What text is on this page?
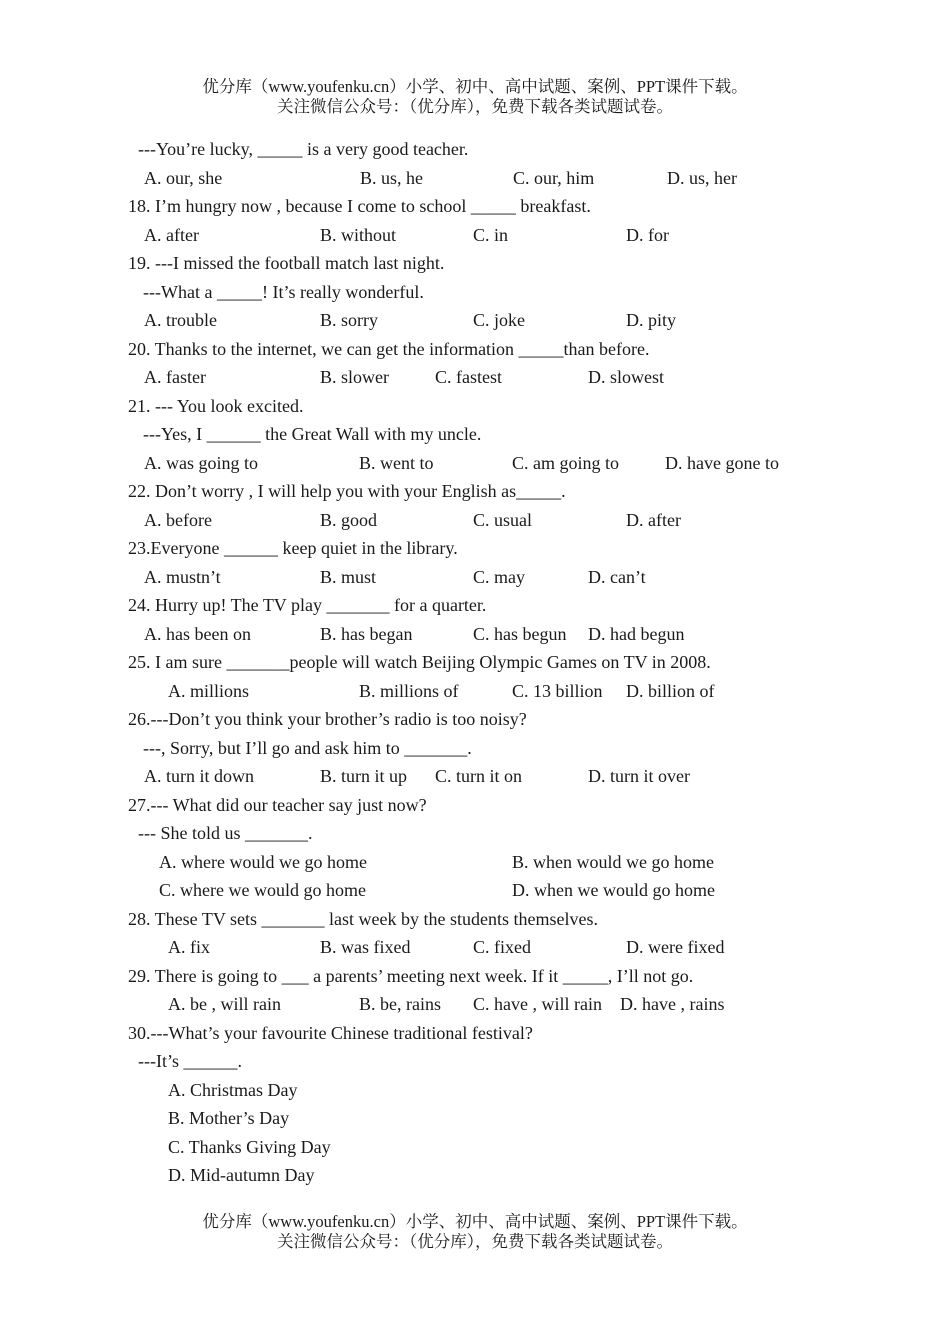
优分库（www.youfenku.cn）小学、初中、高中试题、案例、PPT课件下载。
关注微信公众号：（优分库），免费下载各类试题试卷。
---You’re lucky, _____ is a very good teacher.
A. our, she	B. us, he	C. our, him	D. us, her
18. I’m hungry now , because I come to school _____ breakfast.
A. after	B. without	C. in	D. for
19. ---I missed the football match last night.
---What a _____! It’s really wonderful.
A. trouble	B. sorry	C. joke	D. pity
20. Thanks to the internet, we can get the information _____than before.
A. faster	B. slower	C. fastest	D. slowest
21. --- You look excited.
---Yes, I ______ the Great Wall with my uncle.
A. was going to	B. went to	C. am going to	D. have gone to
22. Don’t worry , I will help you with your English as_____.
A. before	B. good	C. usual	D. after
23.Everyone ______ keep quiet in the library.
A. mustn’t	B. must	C. may	D. can’t
24. Hurry up! The TV play _______ for a quarter.
A. has been on	B. has began	C. has begun D. had begun
25. I am sure _______people will watch Beijing Olympic Games on TV in 2008.
A. millions	B. millions of	C. 13 billion D. billion of
26.---Don’t you think your brother’s radio is too noisy?
---, Sorry, but I’ll go and ask him to _______.
A. turn it down	B. turn it up C. turn it on	D. turn it over
27.--- What did our teacher say just now?
--- She told us _______.
A. where would we go home	B. when would we go home
C. where we would go home	D. when we would go home
28. These TV sets _______ last week by the students themselves.
A. fix	B. was fixed	C. fixed	D. were fixed
29. There is going to ___ a parents’ meeting next week. If it _____, I’ll not go.
A. be , will rain	B. be, rains C. have , will rain D. have , rains
30.---What’s your favourite Chinese traditional festival?
---It’s ______.
A. Christmas Day
B. Mother’s Day
C. Thanks Giving Day
D. Mid-autumn Day
优分库（www.youfenku.cn）小学、初中、高中试题、案例、PPT课件下载。
关注微信公众号：（优分库），免费下载各类试题试卷。
